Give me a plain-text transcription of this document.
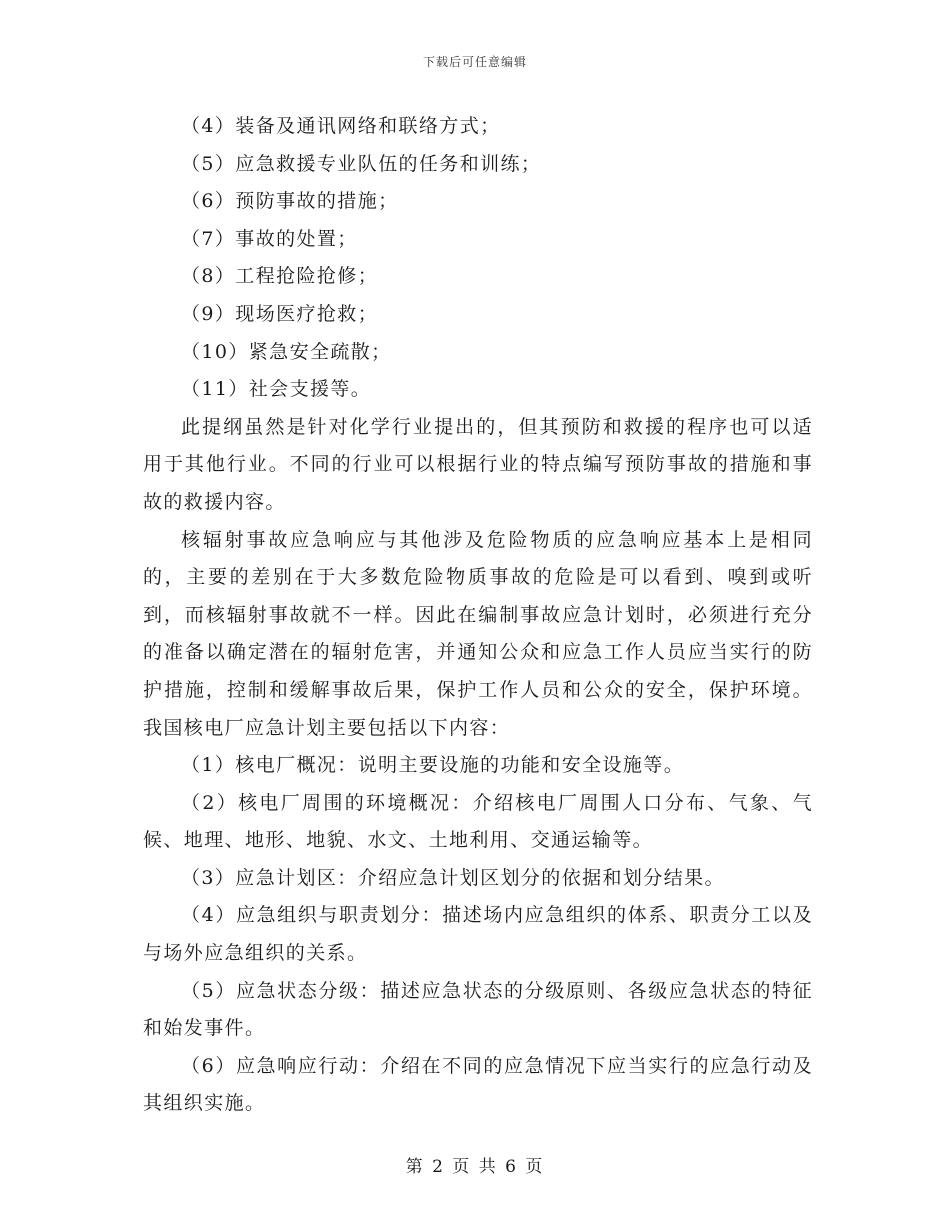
下载后可任意编辑

（4）装备及通讯网络和联络方式；

（5）应急救援专业队伍的任务和训练；

（6）预防事故的措施；

（7）事故的处置；

（8）工程抢险抢修；

（9）现场医疗抢救；

（10）紧急安全疏散；

（11）社会支援等。

此提纲虽然是针对化学行业提出的，但其预防和救援的程序也可以适用于其他行业。不同的行业可以根据行业的特点编写预防事故的措施和事故的救援内容。

核辐射事故应急响应与其他涉及危险物质的应急响应基本上是相同的，主要的差别在于大多数危险物质事故的危险是可以看到、嗅到或听到，而核辐射事故就不一样。因此在编制事故应急计划时，必须进行充分的准备以确定潜在的辐射危害，并通知公众和应急工作人员应当实行的防护措施，控制和缓解事故后果，保护工作人员和公众的安全，保护环境。我国核电厂应急计划主要包括以下内容：

（1）核电厂概况：说明主要设施的功能和安全设施等。

（2）核电厂周围的环境概况：介绍核电厂周围人口分布、气象、气候、地理、地形、地貌、水文、土地利用、交通运输等。

（3）应急计划区：介绍应急计划区划分的依据和划分结果。

（4）应急组织与职责划分：描述场内应急组织的体系、职责分工以及与场外应急组织的关系。

（5）应急状态分级：描述应急状态的分级原则、各级应急状态的特征和始发事件。

（6）应急响应行动：介绍在不同的应急情况下应当实行的应急行动及其组织实施。

第 2 页 共 6 页
